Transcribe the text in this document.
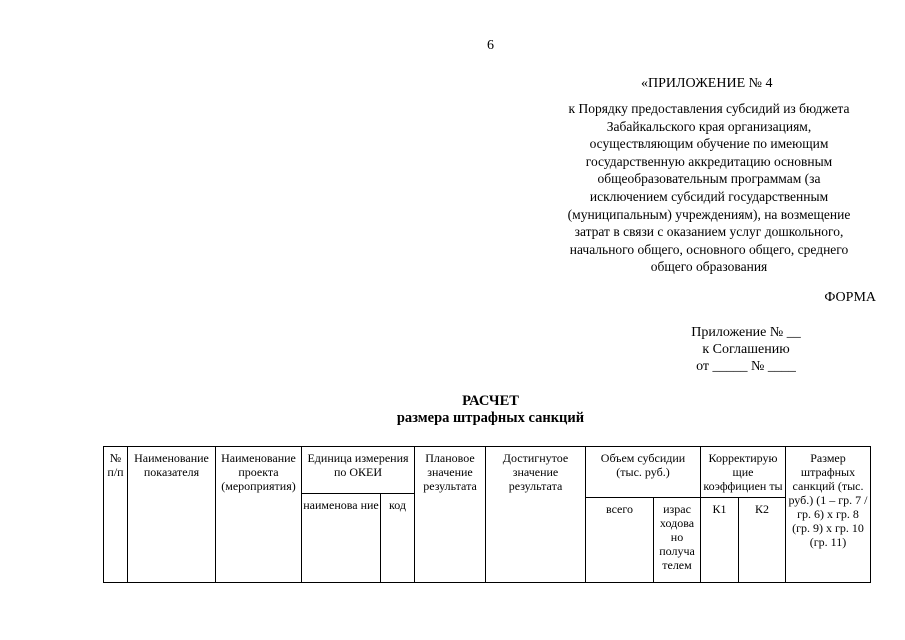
6
«ПРИЛОЖЕНИЕ № 4
к Порядку предоставления субсидий из бюджета
Забайкальского края организациям,
осуществляющим обучение по имеющим
государственную аккредитацию основным
общеобразовательным программам (за
исключением субсидий государственным
(муниципальным) учреждениям), на возмещение
затрат в связи с оказанием услуг дошкольного,
начального общего, основного общего, среднего
общего образования
ФОРМА
Приложение № __
к Соглашению
от _____ № ____
РАСЧЕТ
размера штрафных санкций
№ п/п	Наименование показателя	Наименование проекта (мероприятия)	Единица измерения по ОКЕИ		Плановое значение результата	Достигнутое значение результата	Объем субсидии (тыс. руб.)		Корректирую щие коэффициен ты		Размер штрафных санкций (тыс. руб.) (1 – гр. 7 / гр. 6) x гр. 8 (гр. 9) x гр. 10 (гр. 11)
			наименова ние	код							
							всего	израс ходова но получа телем	К1	К2	
